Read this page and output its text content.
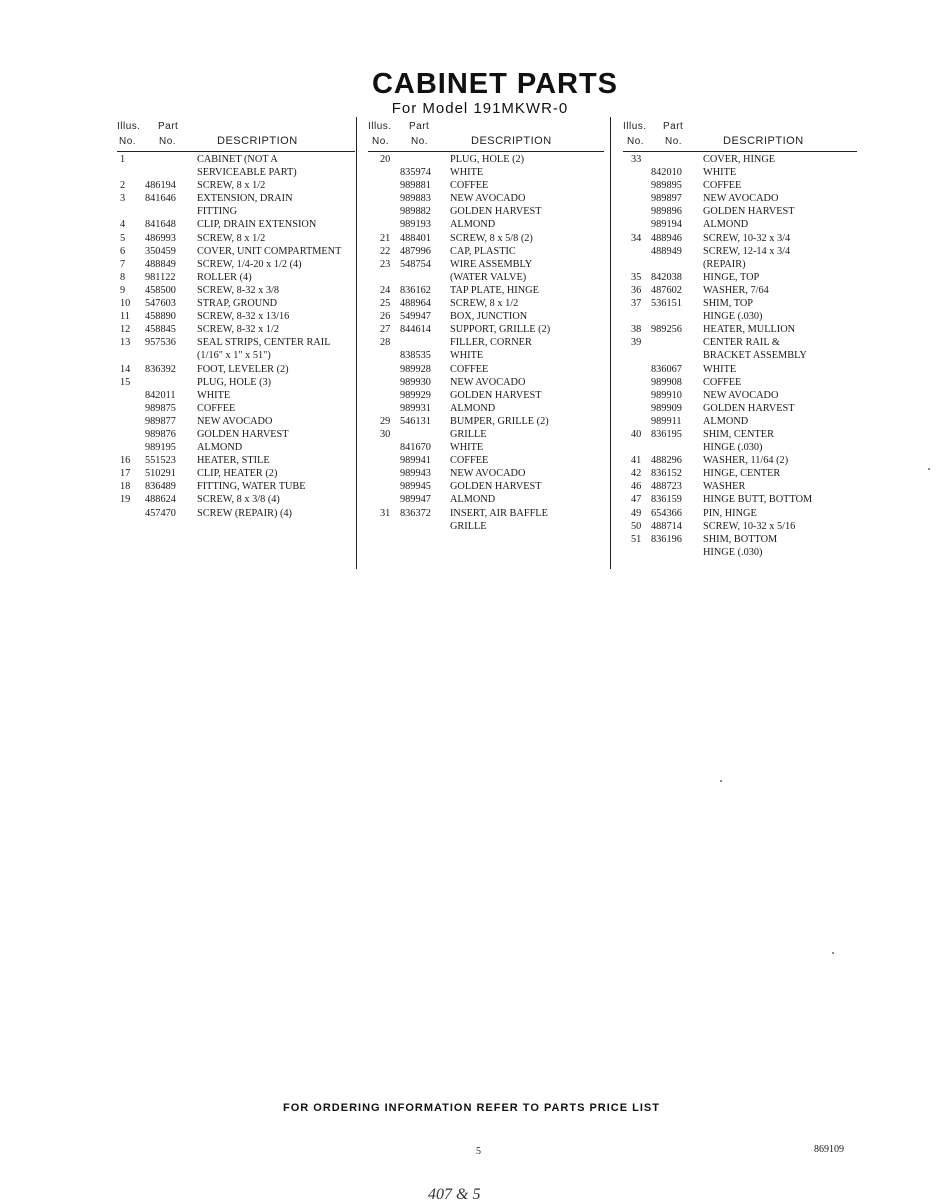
CABINET PARTS
For Model 191MKWR-0
Illus. Part
No. No.	DESCRIPTION
1	CABINET (NOT A
SERVICEABLE PART)
2 486194 SCREW, 8 x 1/2
3 841646 EXTENSION, DRAIN
FITTING
4 841648 CLIP, DRAIN EXTENSION
5 486993 SCREW, 8 x 1/2
6 350459 COVER, UNIT COMPARTMENT
7 488849 SCREW, 1/4-20 x 1/2 (4)
8 981122 ROLLER (4)
9 458500 SCREW, 8-32 x 3/8
10 547603 STRAP, GROUND
11 458890 SCREW, 8-32 x 13/16
12 458845 SCREW, 8-32 x 1/2
13 957536 SEAL STRIPS, CENTER RAIL
(1/16" x 1" x 51")
14 836392 FOOT, LEVELER (2)
15	PLUG, HOLE (3)
842011 WHITE
989875 COFFEE
989877 NEW AVOCADO
989876 GOLDEN HARVEST
989195 ALMOND
16 551523 HEATER, STILE
17 510291 CLIP, HEATER (2)
18 836489 FITTING, WATER TUBE
19 488624 SCREW, 8 x 3/8 (4)
457470 SCREW (REPAIR) (4)
Illus. Part
No. No.	DESCRIPTION
20	PLUG, HOLE (2)
835974 WHITE
989881 COFFEE
989883 NEW AVOCADO
989882 GOLDEN HARVEST
989193 ALMOND
21 488401 SCREW, 8 x 5/8 (2)
22 487996 CAP, PLASTIC
23 548754 WIRE ASSEMBLY
(WATER VALVE)
24 836162 TAP PLATE, HINGE
25 488964 SCREW, 8 x 1/2
26 549947 BOX, JUNCTION
27 844614 SUPPORT, GRILLE (2)
28	FILLER, CORNER
838535 WHITE
989928 COFFEE
989930 NEW AVOCADO
989929 GOLDEN HARVEST
989931 ALMOND
29 546131 BUMPER, GRILLE (2)
30	GRILLE
841670 WHITE
989941 COFFEE
989943 NEW AVOCADO
989945 GOLDEN HARVEST
989947 ALMOND
31 836372 INSERT, AIR BAFFLE
GRILLE
Illus. Part
No. No.	DESCRIPTION
33	COVER, HINGE
842010 WHITE
989895 COFFEE
989897 NEW AVOCADO
989896 GOLDEN HARVEST
989194 ALMOND
34 488946 SCREW, 10-32 x 3/4
488949 SCREW, 12-14 x 3/4
(REPAIR)
35 842038 HINGE, TOP
36 487602 WASHER, 7/64
37 536151 SHIM, TOP
HINGE (.030)
38 989256 HEATER, MULLION
39	CENTER RAIL &
BRACKET ASSEMBLY
836067 WHITE
989908 COFFEE
989910 NEW AVOCADO
989909 GOLDEN HARVEST
989911 ALMOND
40 836195 SHIM, CENTER
HINGE (.030)
41 488296 WASHER, 11/64 (2)
42 836152 HINGE, CENTER
46 488723 WASHER
47 836159 HINGE BUTT, BOTTOM
49 654366 PIN, HINGE
50 488714 SCREW, 10-32 x 5/16
51 836196 SHIM, BOTTOM
HINGE (.030)
FOR ORDERING INFORMATION REFER TO PARTS PRICE LIST
5	869109
407 & 5
